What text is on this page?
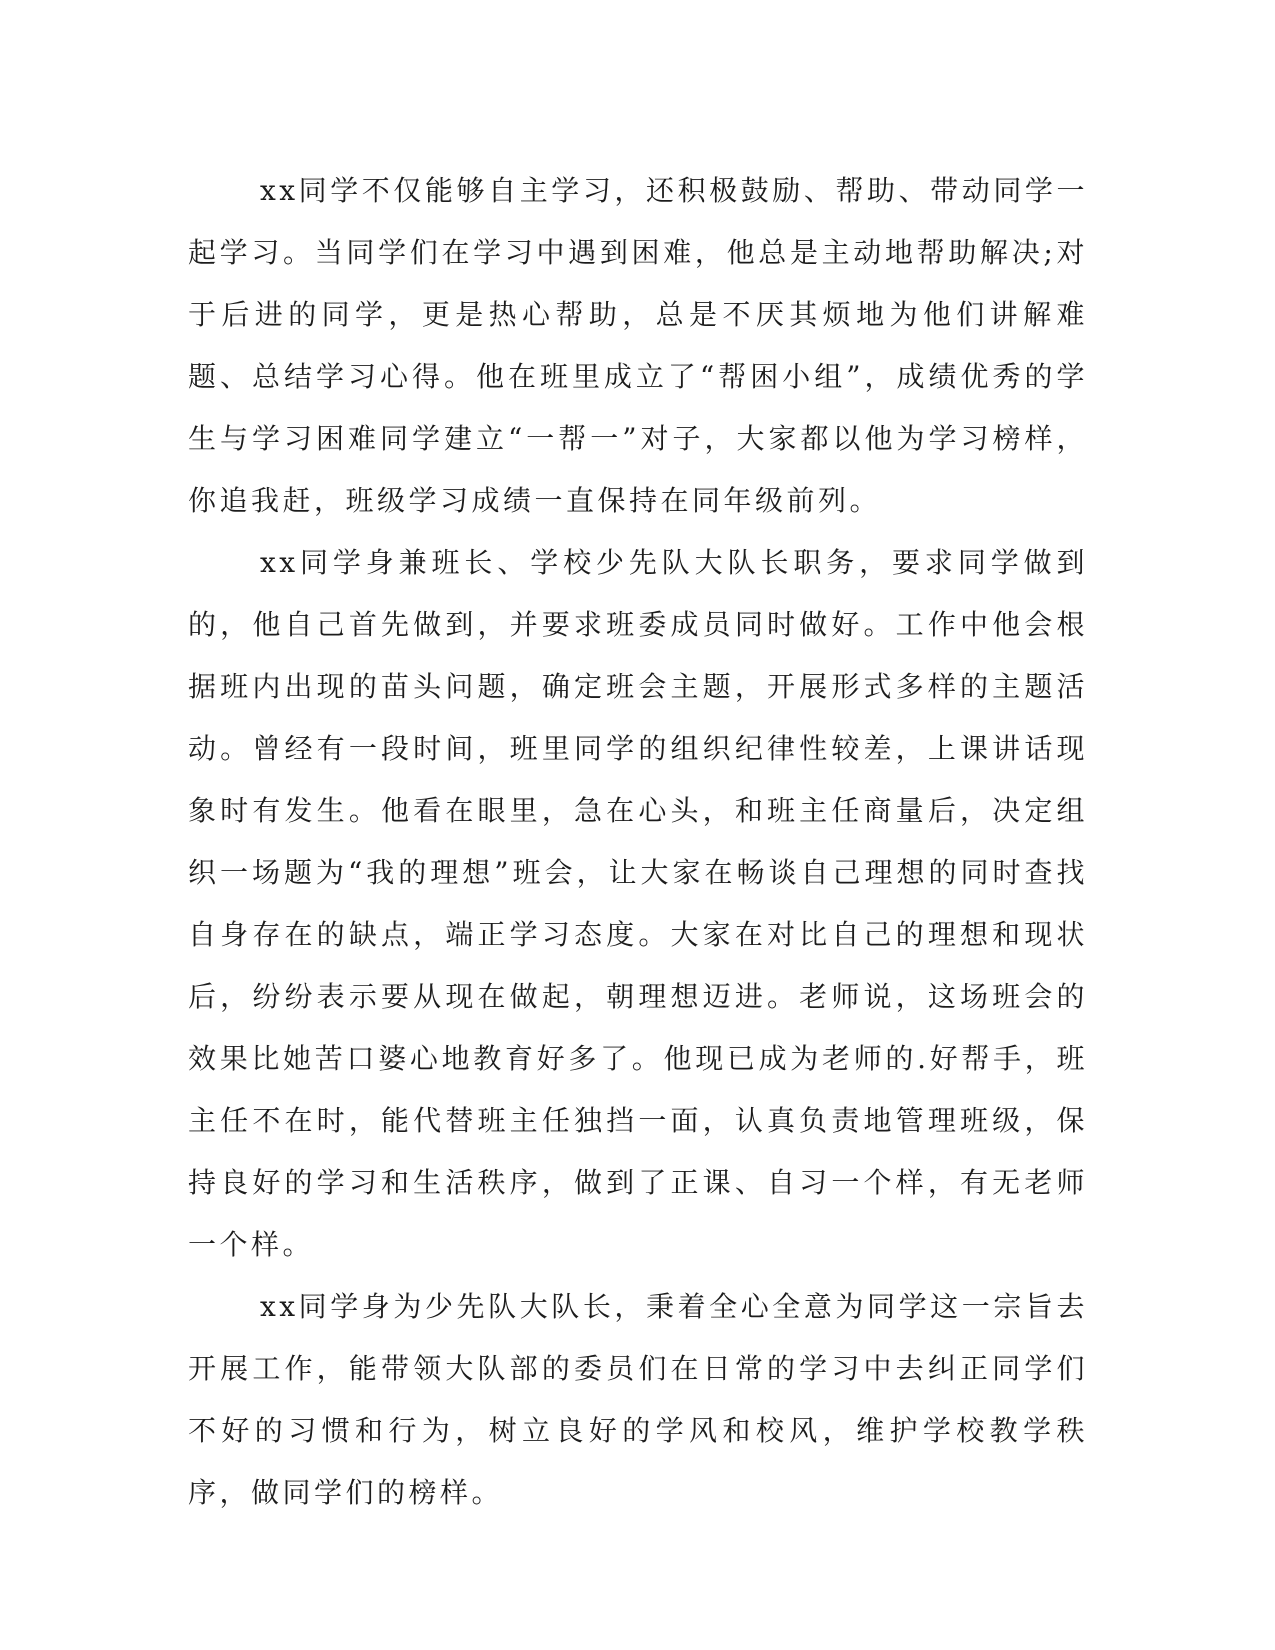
xx同学不仅能够自主学习，还积极鼓励、帮助、带动同学一起学习。当同学们在学习中遇到困难，他总是主动地帮助解决;对于后进的同学，更是热心帮助，总是不厌其烦地为他们讲解难题、总结学习心得。他在班里成立了“帮困小组”，成绩优秀的学生与学习困难同学建立“一帮一”对子，大家都以他为学习榜样，你追我赶，班级学习成绩一直保持在同年级前列。

xx同学身兼班长、学校少先队大队长职务，要求同学做到的，他自己首先做到，并要求班委成员同时做好。工作中他会根据班内出现的苗头问题，确定班会主题，开展形式多样的主题活动。曾经有一段时间，班里同学的组织纪律性较差，上课讲话现象时有发生。他看在眼里，急在心头，和班主任商量后，决定组织一场题为“我的理想”班会，让大家在畅谈自己理想的同时查找自身存在的缺点，端正学习态度。大家在对比自己的理想和现状后，纷纷表示要从现在做起，朝理想迈进。老师说，这场班会的效果比她苦口婆心地教育好多了。他现已成为老师的.好帮手，班主任不在时，能代替班主任独挡一面，认真负责地管理班级，保持良好的学习和生活秩序，做到了正课、自习一个样，有无老师一个样。

xx同学身为少先队大队长，秉着全心全意为同学这一宗旨去开展工作，能带领大队部的委员们在日常的学习中去纠正同学们不好的习惯和行为，树立良好的学风和校风，维护学校教学秩序，做同学们的榜样。
